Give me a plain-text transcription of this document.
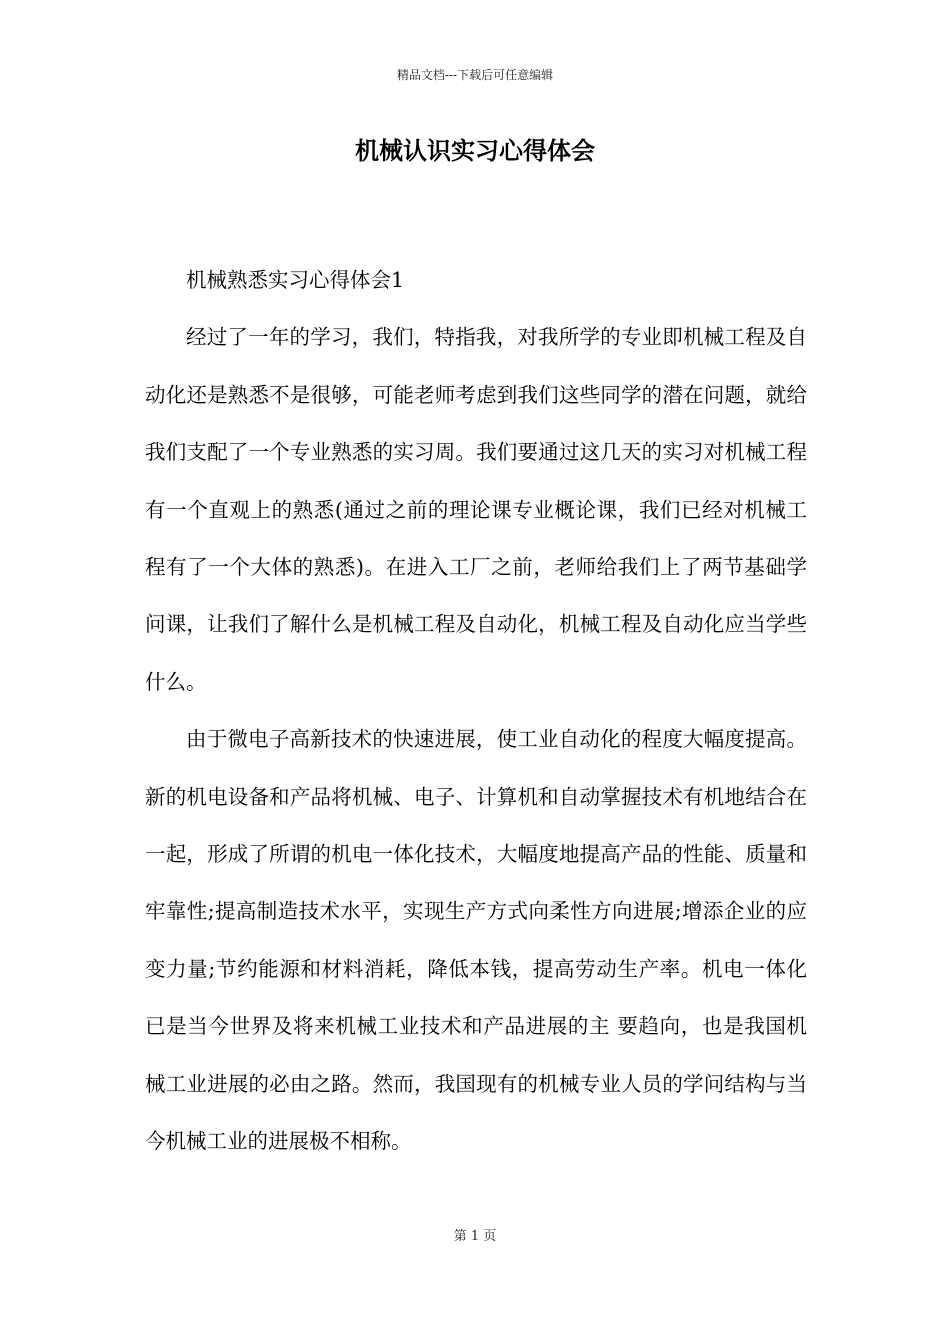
精品文档---下载后可任意编辑
机械认识实习心得体会

机械熟悉实习心得体会1

经过了一年的学习，我们，特指我，对我所学的专业即机械工程及自动化还是熟悉不是很够，可能老师考虑到我们这些同学的潜在问题，就给我们支配了一个专业熟悉的实习周。我们要通过这几天的实习对机械工程有一个直观上的熟悉(通过之前的理论课专业概论课，我们已经对机械工程有了一个大体的熟悉)。在进入工厂之前，老师给我们上了两节基础学问课，让我们了解什么是机械工程及自动化，机械工程及自动化应当学些什么。

由于微电子高新技术的快速进展，使工业自动化的程度大幅度提高。新的机电设备和产品将机械、电子、计算机和自动掌握技术有机地结合在一起，形成了所谓的机电一体化技术，大幅度地提高产品的性能、质量和牢靠性;提高制造技术水平，实现生产方式向柔性方向进展;增添企业的应变力量;节约能源和材料消耗，降低本钱，提高劳动生产率。机电一体化已是当今世界及将来机械工业技术和产品进展的主 要趋向，也是我国机械工业进展的必由之路。然而，我国现有的机械专业人员的学问结构与当今机械工业的进展极不相称。

第 1 页
